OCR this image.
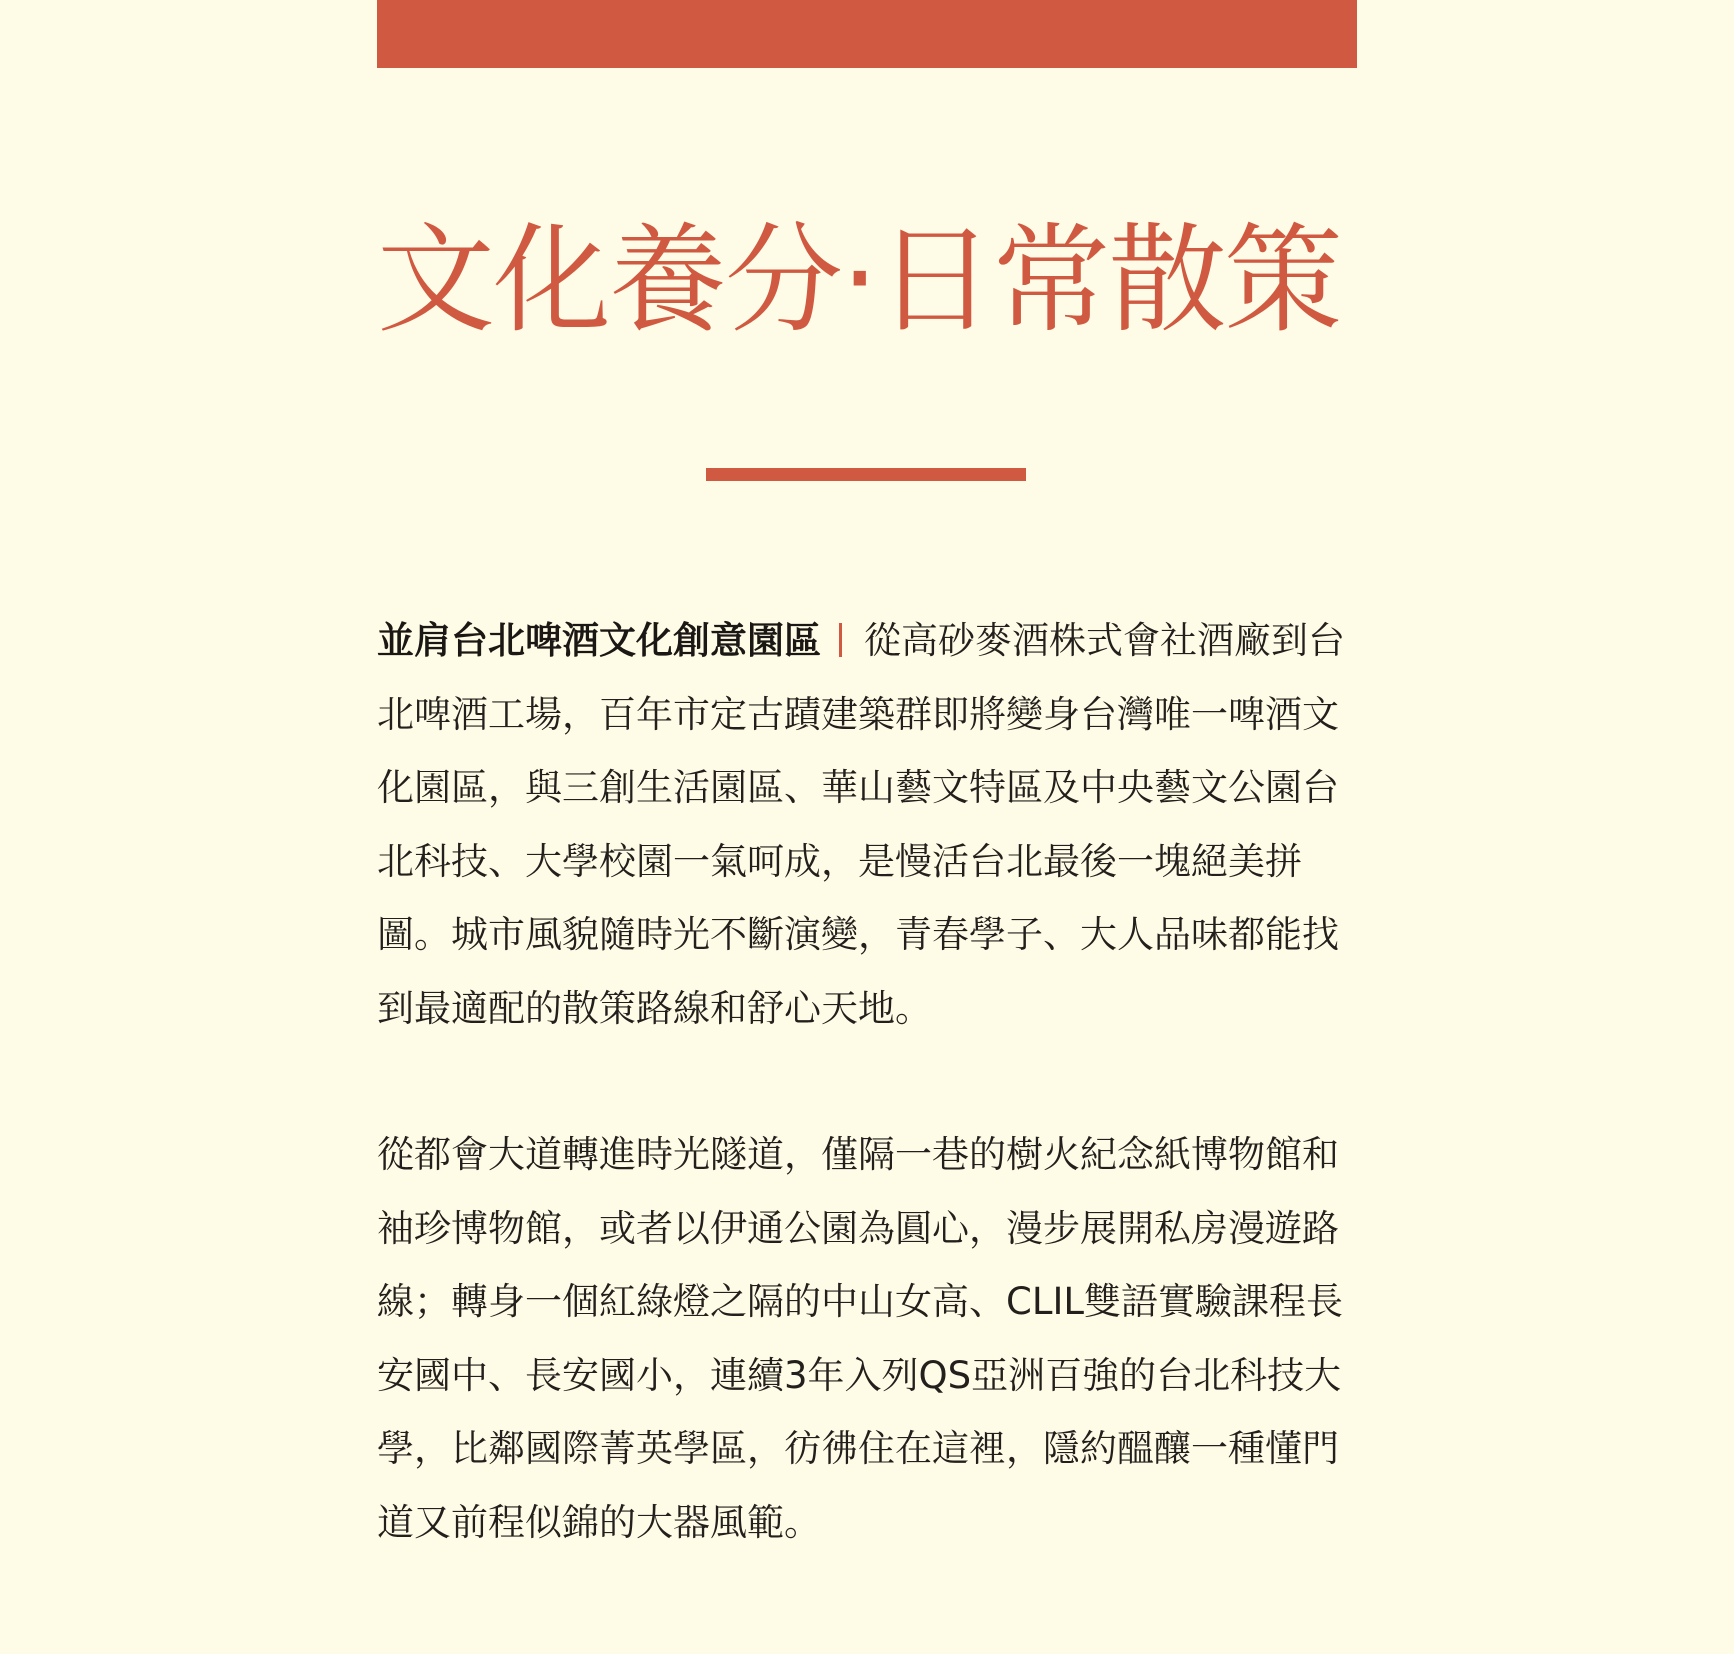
文化養分‧日常散策

並肩台北啤酒文化創意園區 從高砂麥酒株式會社酒廠到台北啤酒工場，百年市定古蹟建築群即將變身台灣唯一啤酒文化園區，與三創生活園區、華山藝文特區及中央藝文公園台北科技、大學校園一氣呵成，是慢活台北最後一塊絕美拼圖。城市風貌隨時光不斷演變，青春學子、大人品味都能找到最適配的散策路線和舒心天地。

從都會大道轉進時光隧道，僅隔一巷的樹火紀念紙博物館和袖珍博物館，或者以伊通公園為圓心，漫步展開私房漫遊路線；轉身一個紅綠燈之隔的中山女高、CLIL雙語實驗課程長安國中、長安國小，連續3年入列QS亞洲百強的台北科技大學，比鄰國際菁英學區，彷彿住在這裡，隱約醞釀一種懂門道又前程似錦的大器風範。
